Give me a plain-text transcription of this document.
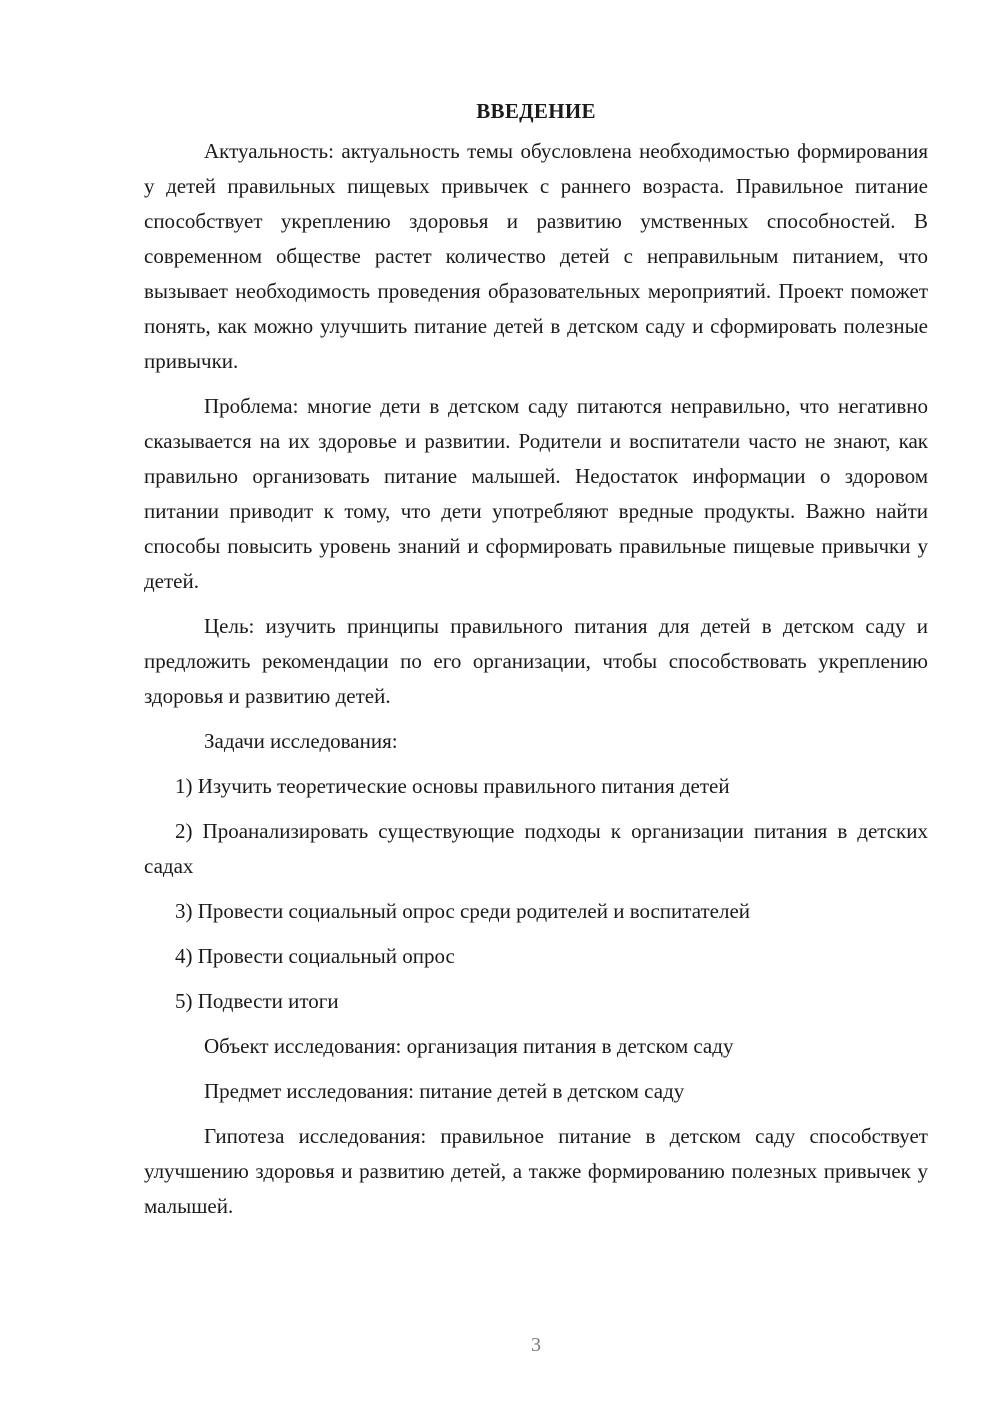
ВВЕДЕНИЕ

Актуальность: актуальность темы обусловлена необходимостью формирования у детей правильных пищевых привычек с раннего возраста. Правильное питание способствует укреплению здоровья и развитию умственных способностей. В современном обществе растет количество детей с неправильным питанием, что вызывает необходимость проведения образовательных мероприятий. Проект поможет понять, как можно улучшить питание детей в детском саду и сформировать полезные привычки.

Проблема: многие дети в детском саду питаются неправильно, что негативно сказывается на их здоровье и развитии. Родители и воспитатели часто не знают, как правильно организовать питание малышей. Недостаток информации о здоровом питании приводит к тому, что дети употребляют вредные продукты. Важно найти способы повысить уровень знаний и сформировать правильные пищевые привычки у детей.

Цель: изучить принципы правильного питания для детей в детском саду и предложить рекомендации по его организации, чтобы способствовать укреплению здоровья и развитию детей.

Задачи исследования:

1) Изучить теоретические основы правильного питания детей

2) Проанализировать существующие подходы к организации питания в детских садах

3) Провести социальный опрос среди родителей и воспитателей

4) Провести социальный опрос

5) Подвести итоги

Объект исследования: организация питания в детском саду

Предмет исследования: питание детей в детском саду

Гипотеза исследования: правильное питание в детском саду способствует улучшению здоровья и развитию детей, а также формированию полезных привычек у малышей.

3
